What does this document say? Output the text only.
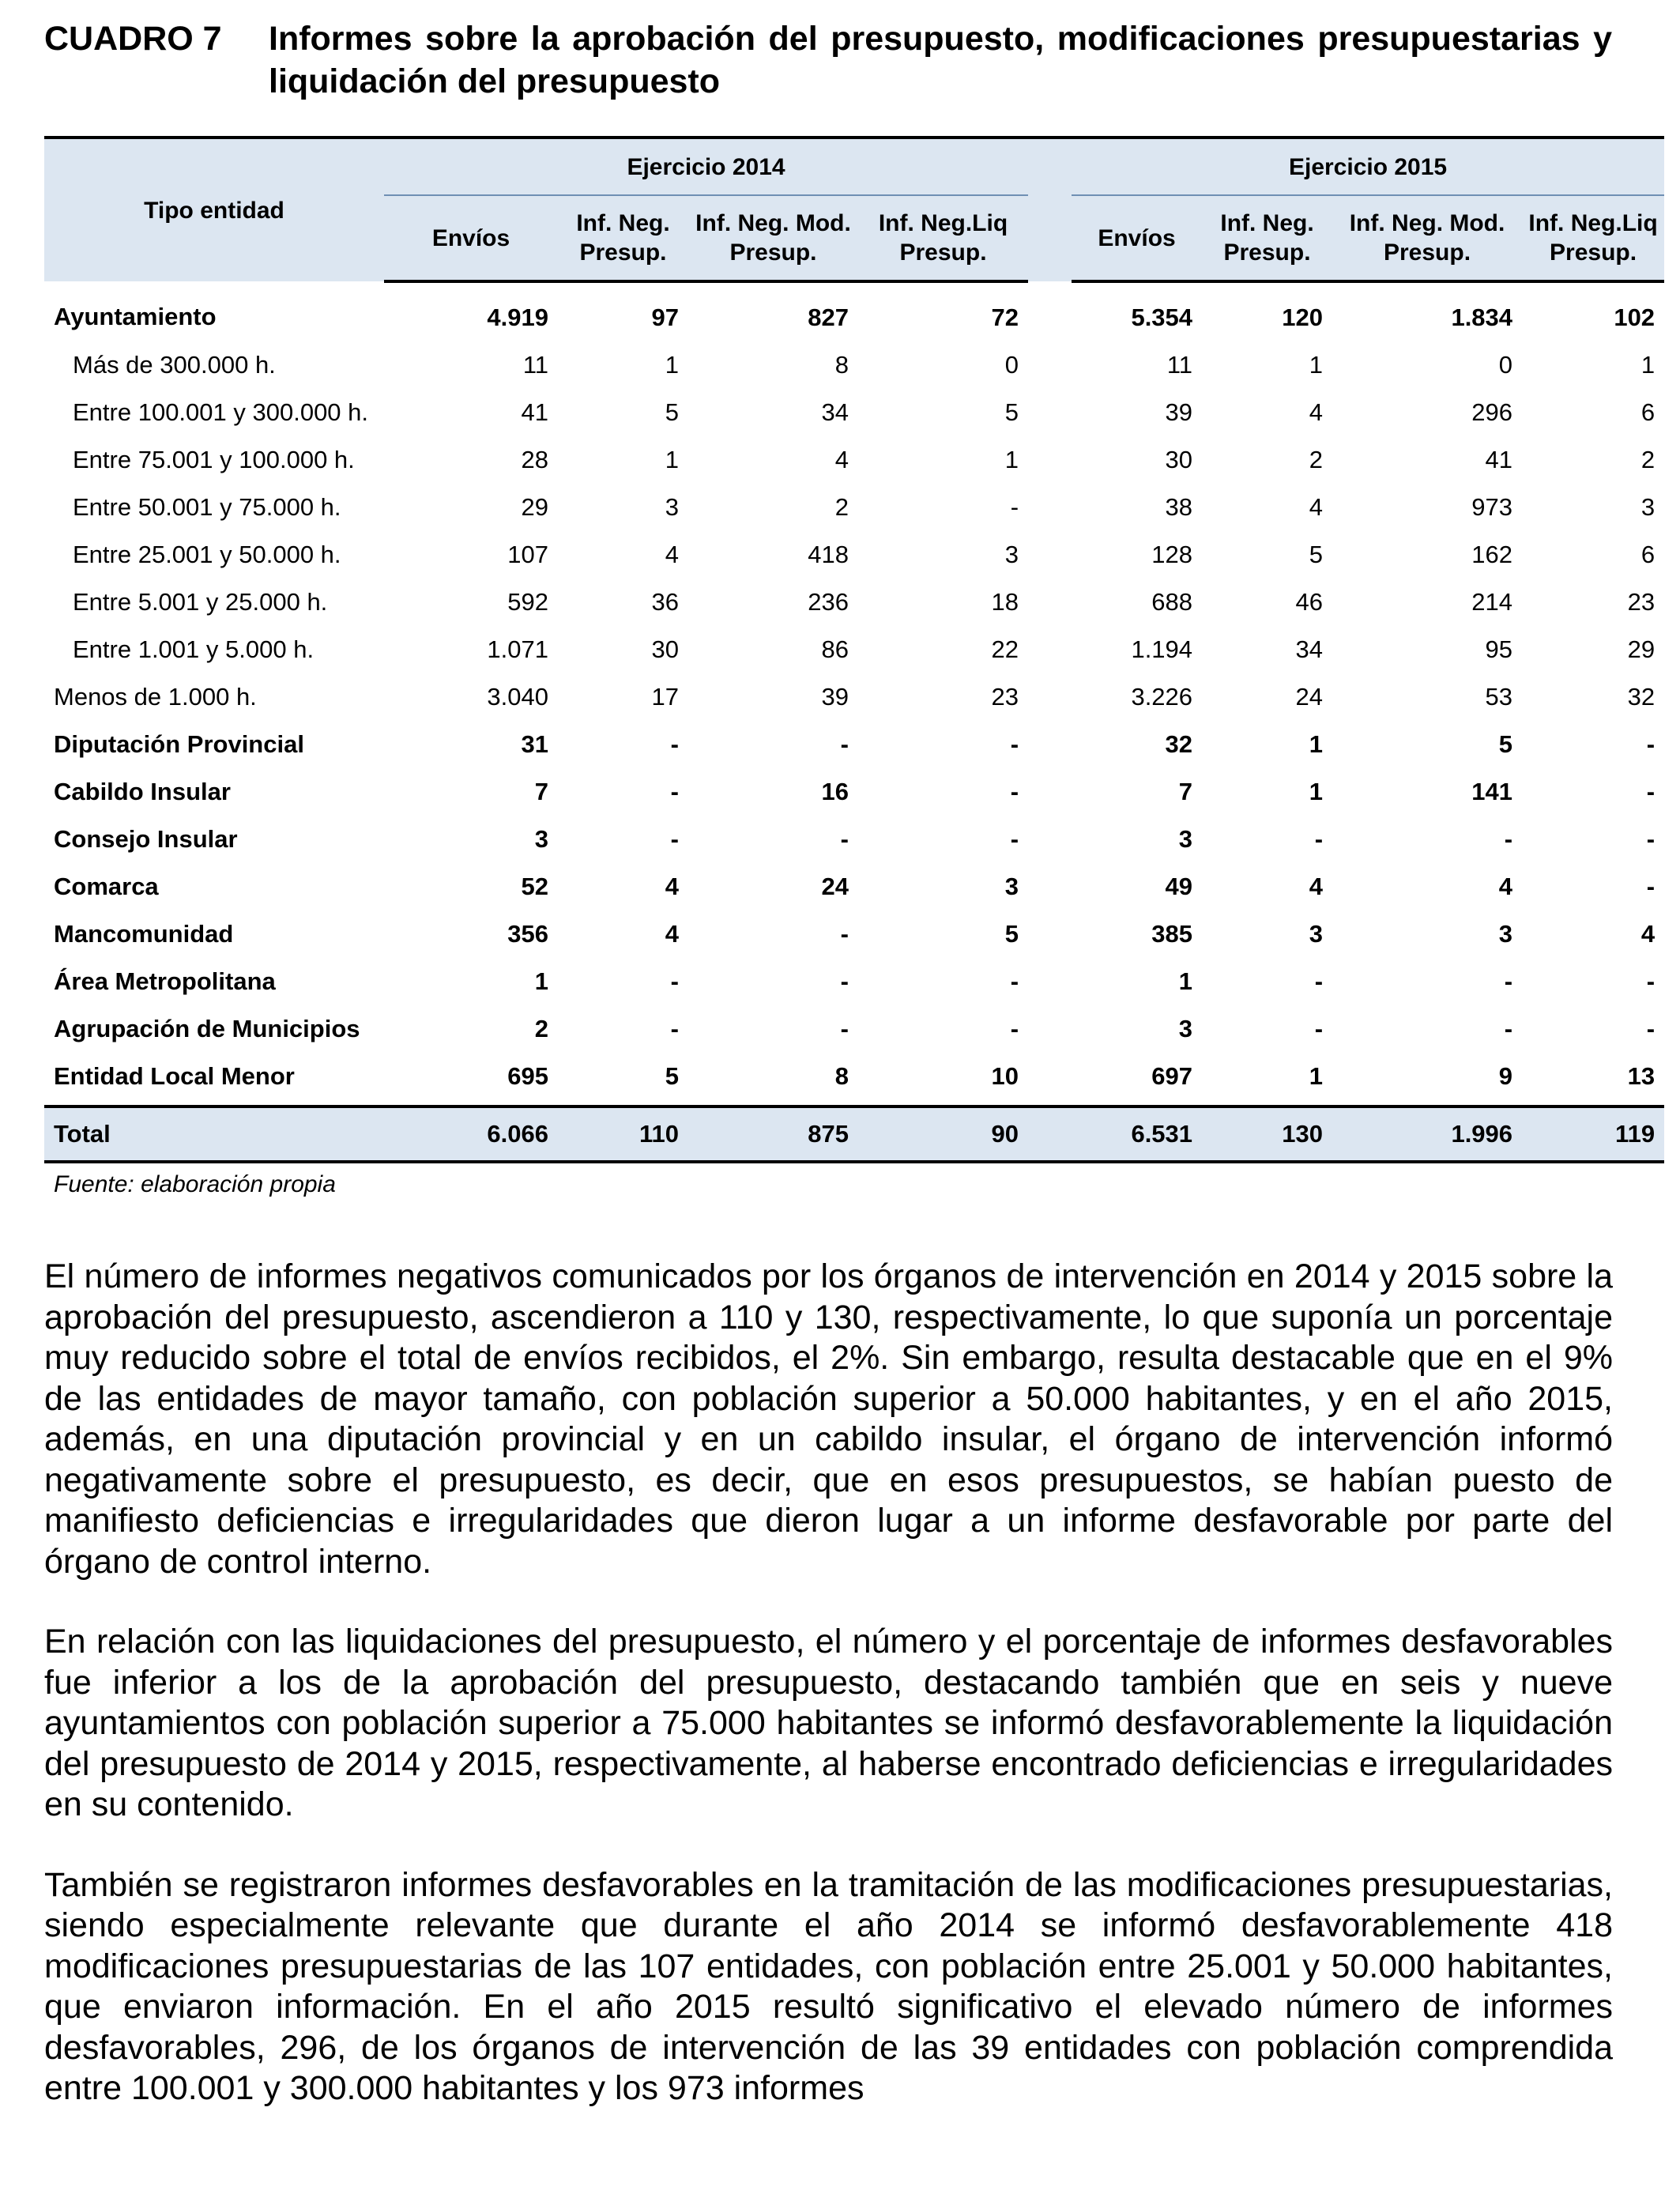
CUADRO 7	Informes sobre la aprobación del presupuesto, modificaciones presupuestarias y liquidación del presupuesto
Tipo entidad	Ejercicio 2014					Ejercicio 2015			
	Envíos	Inf. Neg. Presup.	Inf. Neg. Mod. Presup.	Inf. Neg.Liq Presup.		Envíos	Inf. Neg. Presup.	Inf. Neg. Mod. Presup.	Inf. Neg.Liq Presup.
Ayuntamiento	4.919	97	827	72		5.354	120	1.834	102
Más de 300.000 h.	11	1	8	0		11	1	0	1
Entre 100.001 y 300.000 h.	41	5	34	5		39	4	296	6
Entre 75.001 y 100.000 h.	28	1	4	1		30	2	41	2
Entre 50.001 y 75.000 h.	29	3	2	-		38	4	973	3
Entre 25.001 y 50.000 h.	107	4	418	3		128	5	162	6
Entre 5.001 y 25.000 h.	592	36	236	18		688	46	214	23
Entre 1.001 y 5.000 h.	1.071	30	86	22		1.194	34	95	29
Menos de 1.000 h.	3.040	17	39	23		3.226	24	53	32
Diputación Provincial	31	-	-	-		32	1	5	-
Cabildo Insular	7	-	16	-		7	1	141	-
Consejo Insular	3	-	-	-		3	-	-	-
Comarca	52	4	24	3		49	4	4	-
Mancomunidad	356	4	-	5		385	3	3	4
Área Metropolitana	1	-	-	-		1	-	-	-
Agrupación de Municipios	2	-	-	-		3	-	-	-
Entidad Local Menor	695	5	8	10		697	1	9	13
Total	6.066	110	875	90		6.531	130	1.996	119
Fuente: elaboración propia

El número de informes negativos comunicados por los órganos de intervención en 2014 y 2015 sobre la aprobación del presupuesto, ascendieron a 110 y 130, respectivamente, lo que suponía un porcentaje muy reducido sobre el total de envíos recibidos, el 2%. Sin embargo, resulta destacable que en el 9% de las entidades de mayor tamaño, con población superior a 50.000 habitantes, y en el año 2015, además, en una diputación provincial y en un cabildo insular, el órgano de intervención informó negativamente sobre el presupuesto, es decir, que en esos presupuestos, se habían puesto de manifiesto deficiencias e irregularidades que dieron lugar a un informe desfavorable por parte del órgano de control interno.

En relación con las liquidaciones del presupuesto, el número y el porcentaje de informes desfavorables fue inferior a los de la aprobación del presupuesto, destacando también que en seis y nueve ayuntamientos con población superior a 75.000 habitantes se informó desfavorablemente la liquidación del presupuesto de 2014 y 2015, respectivamente, al haberse encontrado deficiencias e irregularidades en su contenido.

También se registraron informes desfavorables en la tramitación de las modificaciones presupuestarias, siendo especialmente relevante que durante el año 2014 se informó desfavorablemente 418 modificaciones presupuestarias de las 107 entidades, con población entre 25.001 y 50.000 habitantes, que enviaron información. En el año 2015 resultó significativo el elevado número de informes desfavorables, 296, de los órganos de intervención de las 39 entidades con población comprendida entre 100.001 y 300.000 habitantes y los 973 informes
